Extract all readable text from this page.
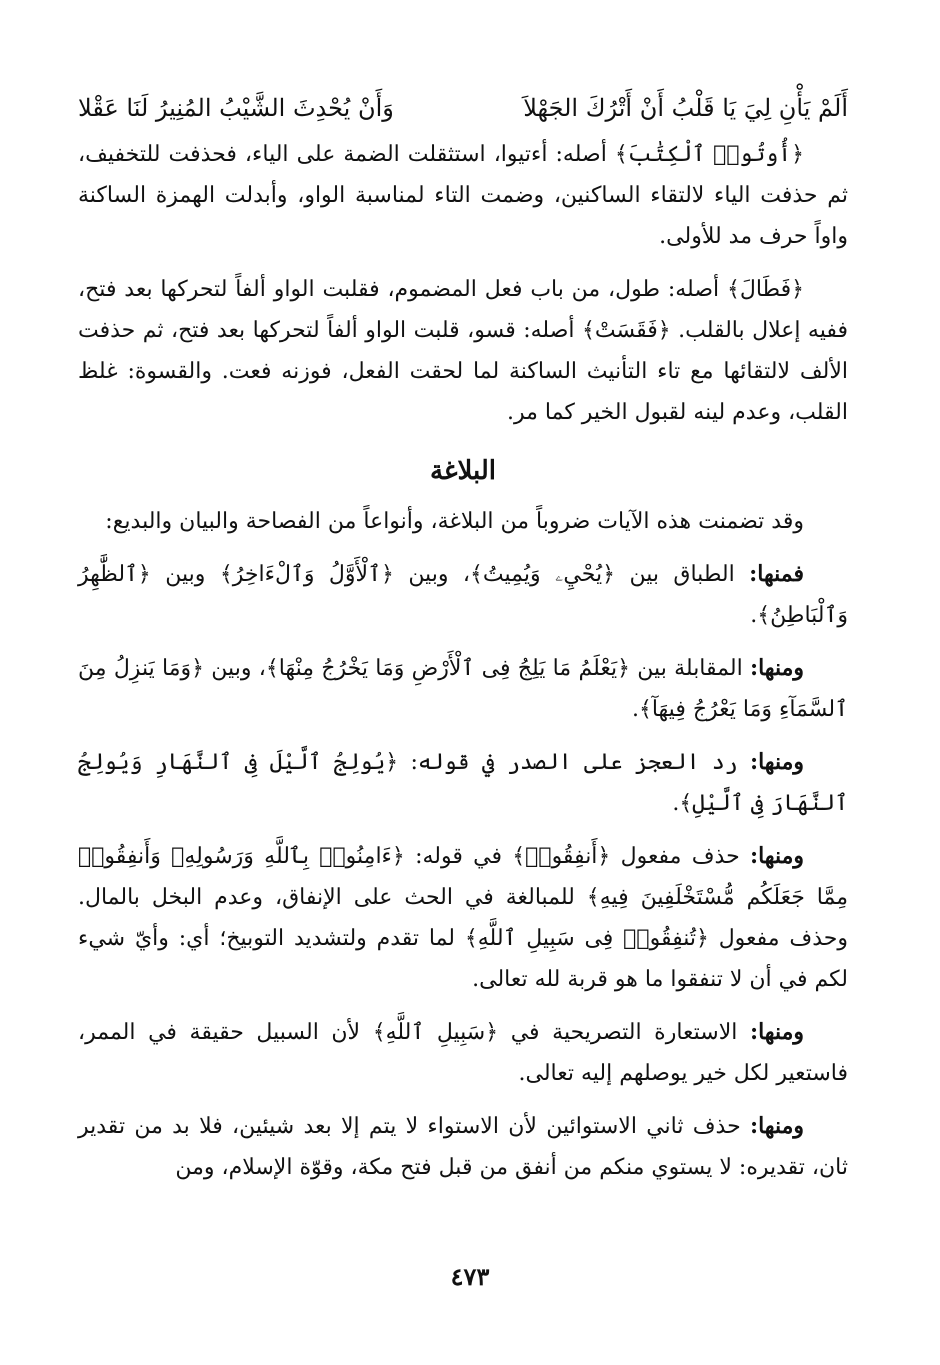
أَلَمْ يَأْنِ لِيَ يَا قَلْبُ أَنْ أَتْرُكَ الجَهْلاَ
وَأَنْ يُحْدِثَ الشَّيْبُ المُنِيرُ لَنَا عَقْلا

﴿أُوتُوا۟ ٱلْكِتَٰبَ﴾ أصله: أءتيوا، استثقلت الضمة على الياء، فحذفت للتخفيف، ثم حذفت الياء لالتقاء الساكنين، وضمت التاء لمناسبة الواو، وأبدلت الهمزة الساكنة واواً حرف مد للأولى.

﴿فَطَالَ﴾ أصله: طول، من باب فعل المضموم، فقلبت الواو ألفاً لتحركها بعد فتح، ففيه إعلال بالقلب. ﴿فَقَسَتْ﴾ أصله: قسو، قلبت الواو ألفاً لتحركها بعد فتح، ثم حذفت الألف لالتقائها مع تاء التأنيث الساكنة لما لحقت الفعل، فوزنه فعت. والقسوة: غلظ القلب، وعدم لينه لقبول الخير كما مر.

البلاغة

وقد تضمنت هذه الآيات ضروباً من البلاغة، وأنواعاً من الفصاحة والبيان والبديع:

فمنها: الطباق بين ﴿يُحْيِۦ وَيُمِيتُ﴾، وبين ﴿ٱلْأَوَّلُ وَٱلْءَاخِرُ﴾ وبين ﴿ٱلظَّٰهِرُ وَٱلْبَاطِنُ﴾.

ومنها: المقابلة بين ﴿يَعْلَمُ مَا يَلِجُ فِى ٱلْأَرْضِ وَمَا يَخْرُجُ مِنْهَا﴾، وبين ﴿وَمَا يَنزِلُ مِنَ ٱلسَّمَآءِ وَمَا يَعْرُجُ فِيهَآ﴾.

ومنها: رد العجز على الصدر في قوله: ﴿يُولِجُ ٱلَّيْلَ فِى ٱلنَّهَارِ وَيُولِجُ ٱلنَّهَارَ فِى ٱلَّيْلِ﴾.

ومنها: حذف مفعول ﴿أَنفِقُوا۟﴾ في قوله: ﴿ءَامِنُوا۟ بِٱللَّهِ وَرَسُولِهِۦ وَأَنفِقُوا۟ مِمَّا جَعَلَكُم مُّسْتَخْلَفِينَ فِيهِ﴾ للمبالغة في الحث على الإنفاق، وعدم البخل بالمال. وحذف مفعول ﴿تُنفِقُوا۟ فِى سَبِيلِ ٱللَّهِ﴾ لما تقدم ولتشديد التوبيخ؛ أي: وأيّ شيء لكم في أن لا تنفقوا ما هو قربة لله تعالى.

ومنها: الاستعارة التصريحية في ﴿سَبِيلِ ٱللَّهِ﴾ لأن السبيل حقيقة في الممر، فاستعير لكل خير يوصلهم إليه تعالى.

ومنها: حذف ثاني الاستوائين لأن الاستواء لا يتم إلا بعد شيئين، فلا بد من تقدير ثان، تقديره: لا يستوي منكم من أنفق من قبل فتح مكة، وقوّة الإسلام، ومن

٤٧٣
